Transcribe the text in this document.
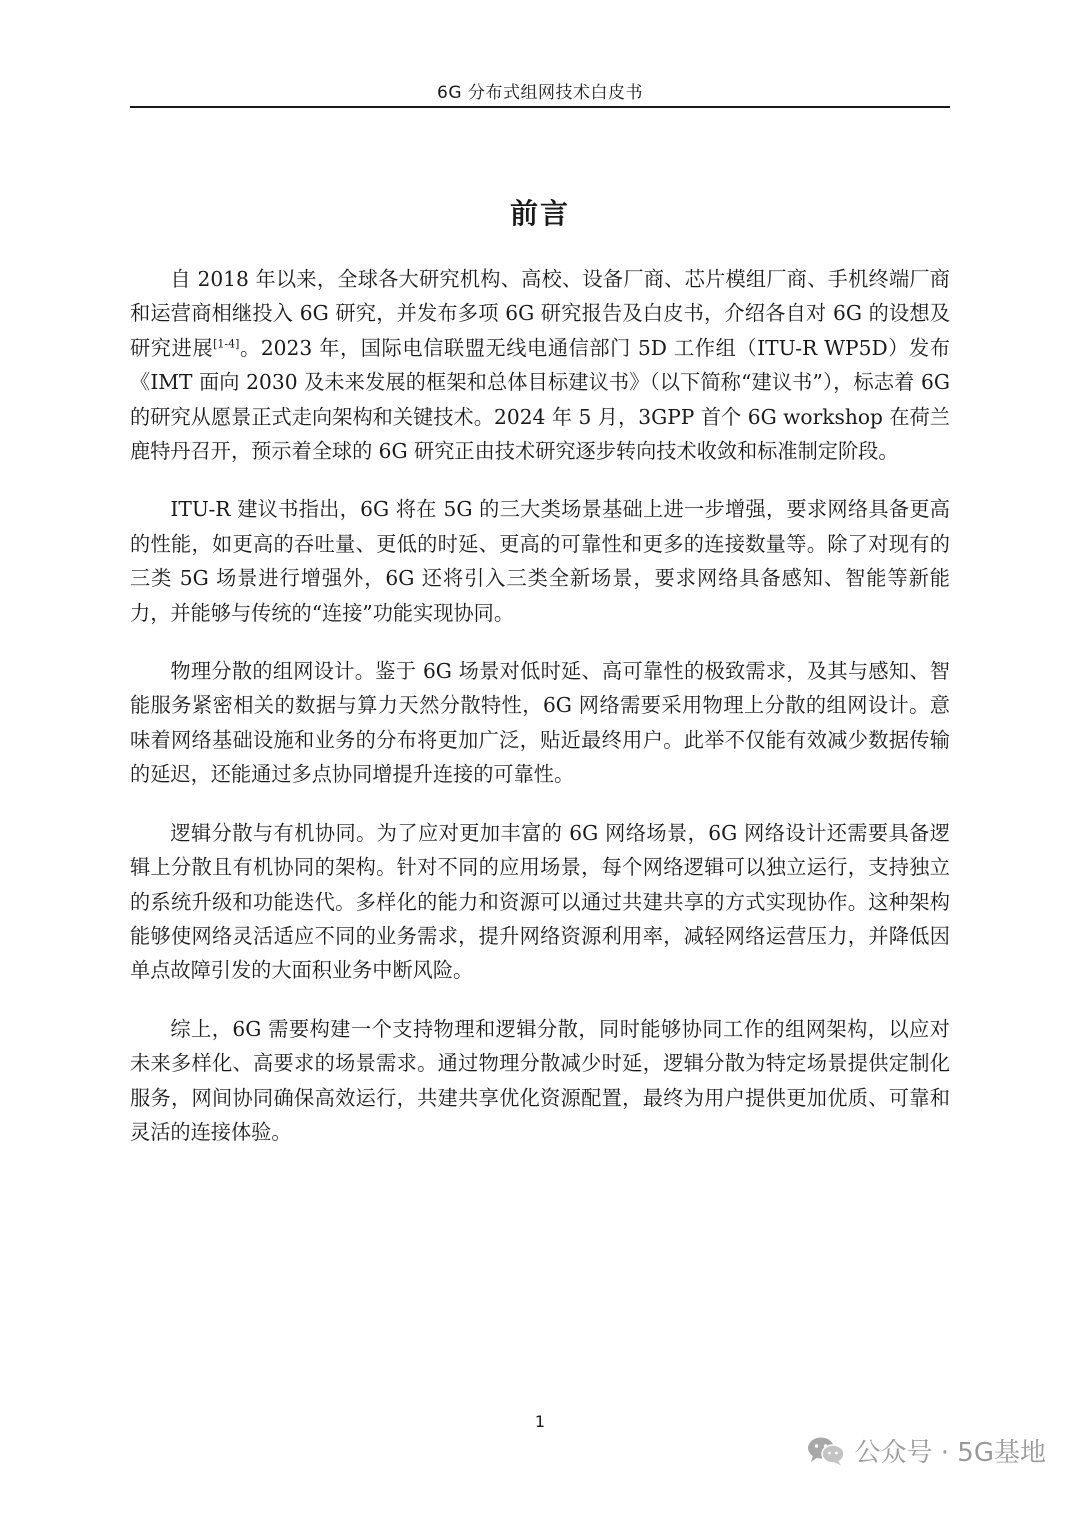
6G 分布式组网技术白皮书
前言

自 2018 年以来，全球各大研究机构、高校、设备厂商、芯片模组厂商、手机终端厂商和运营商相继投入 6G 研究，并发布多项 6G 研究报告及白皮书，介绍各自对 6G 的设想及研究进展[1-4]。2023 年，国际电信联盟无线电通信部门 5D 工作组（ITU-R WP5D）发布《IMT 面向 2030 及未来发展的框架和总体目标建议书》（以下简称“建议书”），标志着 6G 的研究从愿景正式走向架构和关键技术。2024 年 5 月，3GPP 首个 6G workshop 在荷兰鹿特丹召开，预示着全球的 6G 研究正由技术研究逐步转向技术收敛和标准制定阶段。

ITU-R 建议书指出，6G 将在 5G 的三大类场景基础上进一步增强，要求网络具备更高的性能，如更高的吞吐量、更低的时延、更高的可靠性和更多的连接数量等。除了对现有的三类 5G 场景进行增强外，6G 还将引入三类全新场景，要求网络具备感知、智能等新能力，并能够与传统的“连接”功能实现协同。

物理分散的组网设计。鉴于 6G 场景对低时延、高可靠性的极致需求，及其与感知、智能服务紧密相关的数据与算力天然分散特性，6G 网络需要采用物理上分散的组网设计。意味着网络基础设施和业务的分布将更加广泛，贴近最终用户。此举不仅能有效减少数据传输的延迟，还能通过多点协同增提升连接的可靠性。

逻辑分散与有机协同。为了应对更加丰富的 6G 网络场景，6G 网络设计还需要具备逻辑上分散且有机协同的架构。针对不同的应用场景，每个网络逻辑可以独立运行，支持独立的系统升级和功能迭代。多样化的能力和资源可以通过共建共享的方式实现协作。这种架构能够使网络灵活适应不同的业务需求，提升网络资源利用率，减轻网络运营压力，并降低因单点故障引发的大面积业务中断风险。

综上，6G 需要构建一个支持物理和逻辑分散，同时能够协同工作的组网架构，以应对未来多样化、高要求的场景需求。通过物理分散减少时延，逻辑分散为特定场景提供定制化服务，网间协同确保高效运行，共建共享优化资源配置，最终为用户提供更加优质、可靠和灵活的连接体验。

1
公众号 · 5G基地
